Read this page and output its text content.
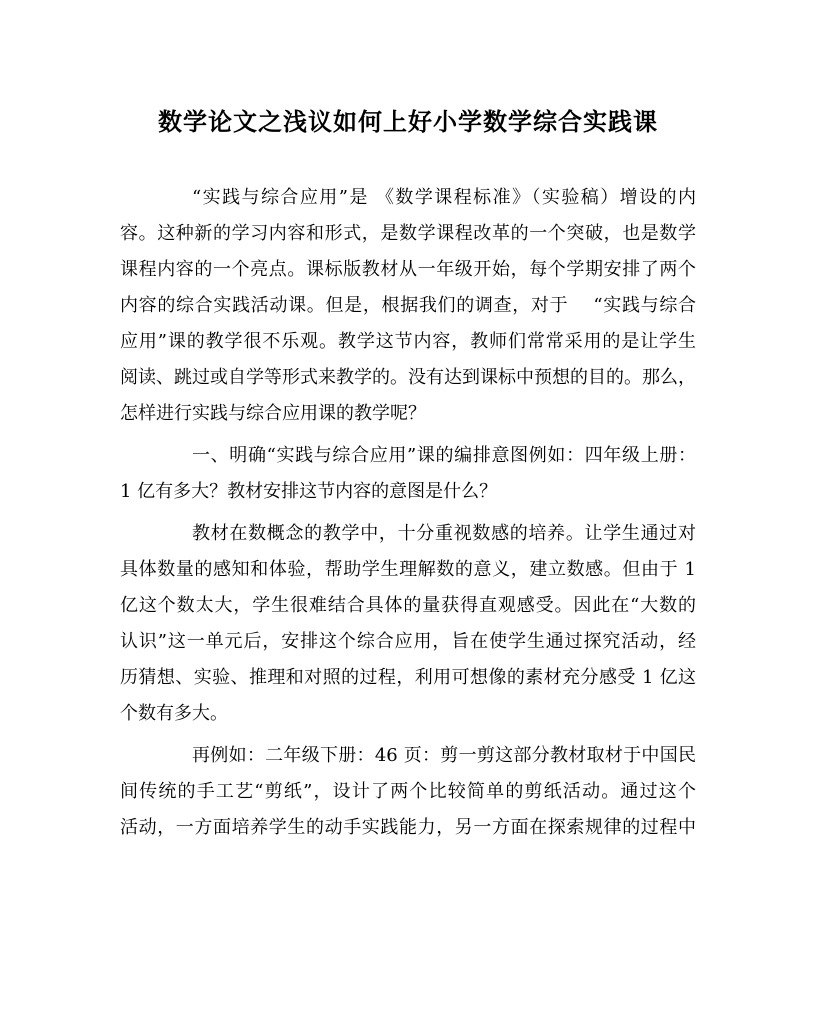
数学论文之浅议如何上好小学数学综合实践课
“实践与综合应用”是 《数学课程标准》（实验稿）增设的内
容。这种新的学习内容和形式，是数学课程改革的一个突破，也是数学
课程内容的一个亮点。课标版教材从一年级开始，每个学期安排了两个
内容的综合实践活动课。但是，根据我们的调查，对于　 “实践与综合
应用”课的教学很不乐观。教学这节内容，教师们常常采用的是让学生
阅读、跳过或自学等形式来教学的。没有达到课标中预想的目的。那么，
怎样进行实践与综合应用课的教学呢？
一、明确“实践与综合应用”课的编排意图例如：四年级上册：
1 亿有多大？教材安排这节内容的意图是什么？
教材在数概念的教学中，十分重视数感的培养。让学生通过对
具体数量的感知和体验，帮助学生理解数的意义，建立数感。但由于 1
亿这个数太大，学生很难结合具体的量获得直观感受。因此在“大数的
认识”这一单元后，安排这个综合应用，旨在使学生通过探究活动，经
历猜想、实验、推理和对照的过程，利用可想像的素材充分感受 1 亿这
个数有多大。
再例如：二年级下册：46 页：剪一剪这部分教材取材于中国民
间传统的手工艺“剪纸”，设计了两个比较简单的剪纸活动。通过这个
活动，一方面培养学生的动手实践能力，另一方面在探索规律的过程中
